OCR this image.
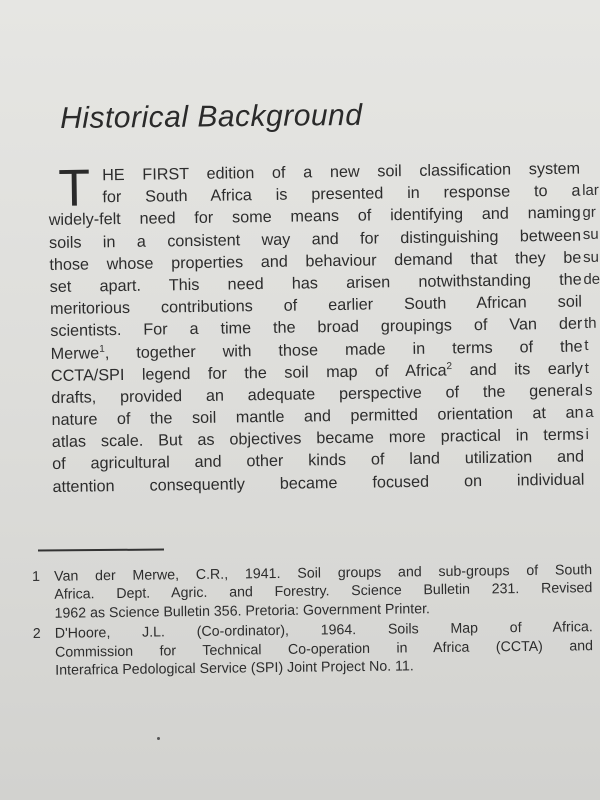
Historical Background
T HE FIRST edition of a new soil classification system
for South Africa is presented in response to a
widely-felt need for some means of identifying and naming
soils in a consistent way and for distinguishing between
those whose properties and behaviour demand that they be
set apart. This need has arisen notwithstanding the
meritorious contributions of earlier South African soil
scientists. For a time the broad groupings of Van der
Merwe$^1$, together with those made in terms of the
CCTA/SPI legend for the soil map of Africa$^2$ and its early
drafts, provided an adequate perspective of the general
nature of the soil mantle and permitted orientation at an
atlas scale. But as objectives became more practical in terms
of agricultural and other kinds of land utilization and
attention consequently became focused on individual
lar
gr
su
su
de
th
t
t
s
a
i
1 Van der Merwe, C.R., 1941. Soil groups and sub-groups of South
Africa. Dept. Agric. and Forestry. Science Bulletin 231. Revised
1962 as Science Bulletin 356. Pretoria: Government Printer.
2 D'Hoore, J.L. (Co-ordinator), 1964. Soils Map of Africa.
Commission for Technical Co-operation in Africa (CCTA) and
Interafrica Pedological Service (SPI) Joint Project No. 11.
